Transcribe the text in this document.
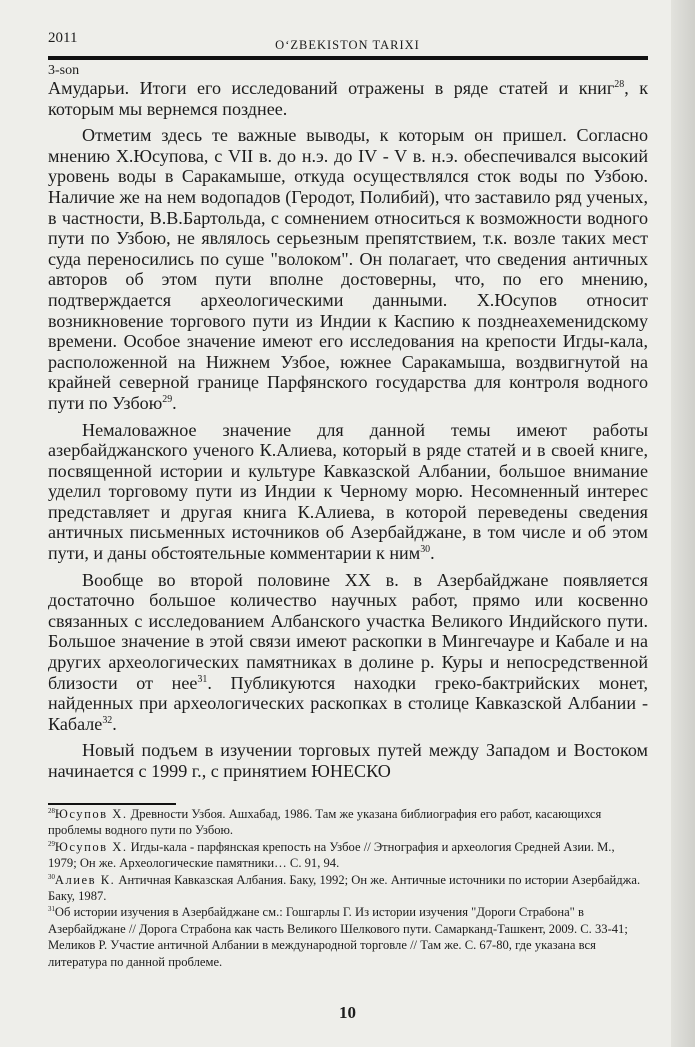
2011	O‘ZBEKISTON TARIXI
3-son

Амударьи. Итоги его исследований отражены в ряде статей и книг$^{28}$, к которым мы вернемся позднее.

Отметим здесь те важные выводы, к которым он пришел. Согласно мнению Х.Юсупова, с VII в. до н.э. до IV - V в. н.э. обеспечивался высокий уровень воды в Саракамыше, откуда осуществлялся сток воды по Узбою. Наличие же на нем водопадов (Геродот, Полибий), что заставило ряд ученых, в частности, В.В.Бартольда, с сомнением относиться к возможности водного пути по Узбою, не являлось серьезным препятствием, т.к. возле таких мест суда переносились по суше "волоком". Он полагает, что сведения античных авторов об этом пути вполне достоверны, что, по его мнению, подтверждается археологическими данными. Х.Юсупов относит возникновение торгового пути из Индии к Каспию к позднеахеменидскому времени. Особое значение имеют его исследования на крепости Игды-кала, расположенной на Нижнем Узбое, южнее Саракамыша, воздвигнутой на крайней северной границе Парфянского государства для контроля водного пути по Узбою$^{29}$.

Немаловажное значение для данной темы имеют работы азербайджанского ученого К.Алиева, который в ряде статей и в своей книге, посвященной истории и культуре Кавказской Албании, большое внимание уделил торговому пути из Индии к Черному морю. Несомненный интерес представляет и другая книга К.Алиева, в которой переведены сведения античных письменных источников об Азербайджане, в том числе и об этом пути, и даны обстоятельные комментарии к ним$^{30}$.

Вообще во второй половине XX в. в Азербайджане появляется достаточно большое количество научных работ, прямо или косвенно связанных с исследованием Албанского участка Великого Индийского пути. Большое значение в этой связи имеют раскопки в Мингечауре и Кабале и на других археологических памятниках в долине р. Куры и непосредственной близости от нее$^{31}$. Публикуются находки греко-бактрийских монет, найденных при археологических раскопках в столице Кавказской Албании - Кабале$^{32}$.

Новый подъем в изучении торговых путей между Западом и Востоком начинается с 1999 г., с принятием ЮНЕСКО

$^{28}$Юсупов Х. Древности Узбоя. Ашхабад, 1986. Там же указана библиография его работ, касающихся проблемы водного пути по Узбою.

$^{29}$Юсупов Х. Игды-кала - парфянская крепость на Узбое // Этнография и археология Средней Азии. М., 1979; Он же. Археологические памятники… С. 91, 94.

$^{30}$Алиев К. Античная Кавказская Албания. Баку, 1992; Он же. Античные источники по истории Азербайджа. Баку, 1987.

$^{31}$Об истории изучения в Азербайджане см.: Гошгарлы Г. Из истории изучения "Дороги Страбона" в Азербайджане // Дорога Страбона как часть Великого Шелкового пути. Самарканд-Ташкент, 2009. С. 33-41; Меликов Р. Участие античной Албании в международной торговле // Там же. С. 67-80, где указана вся литература по данной проблеме.

10
